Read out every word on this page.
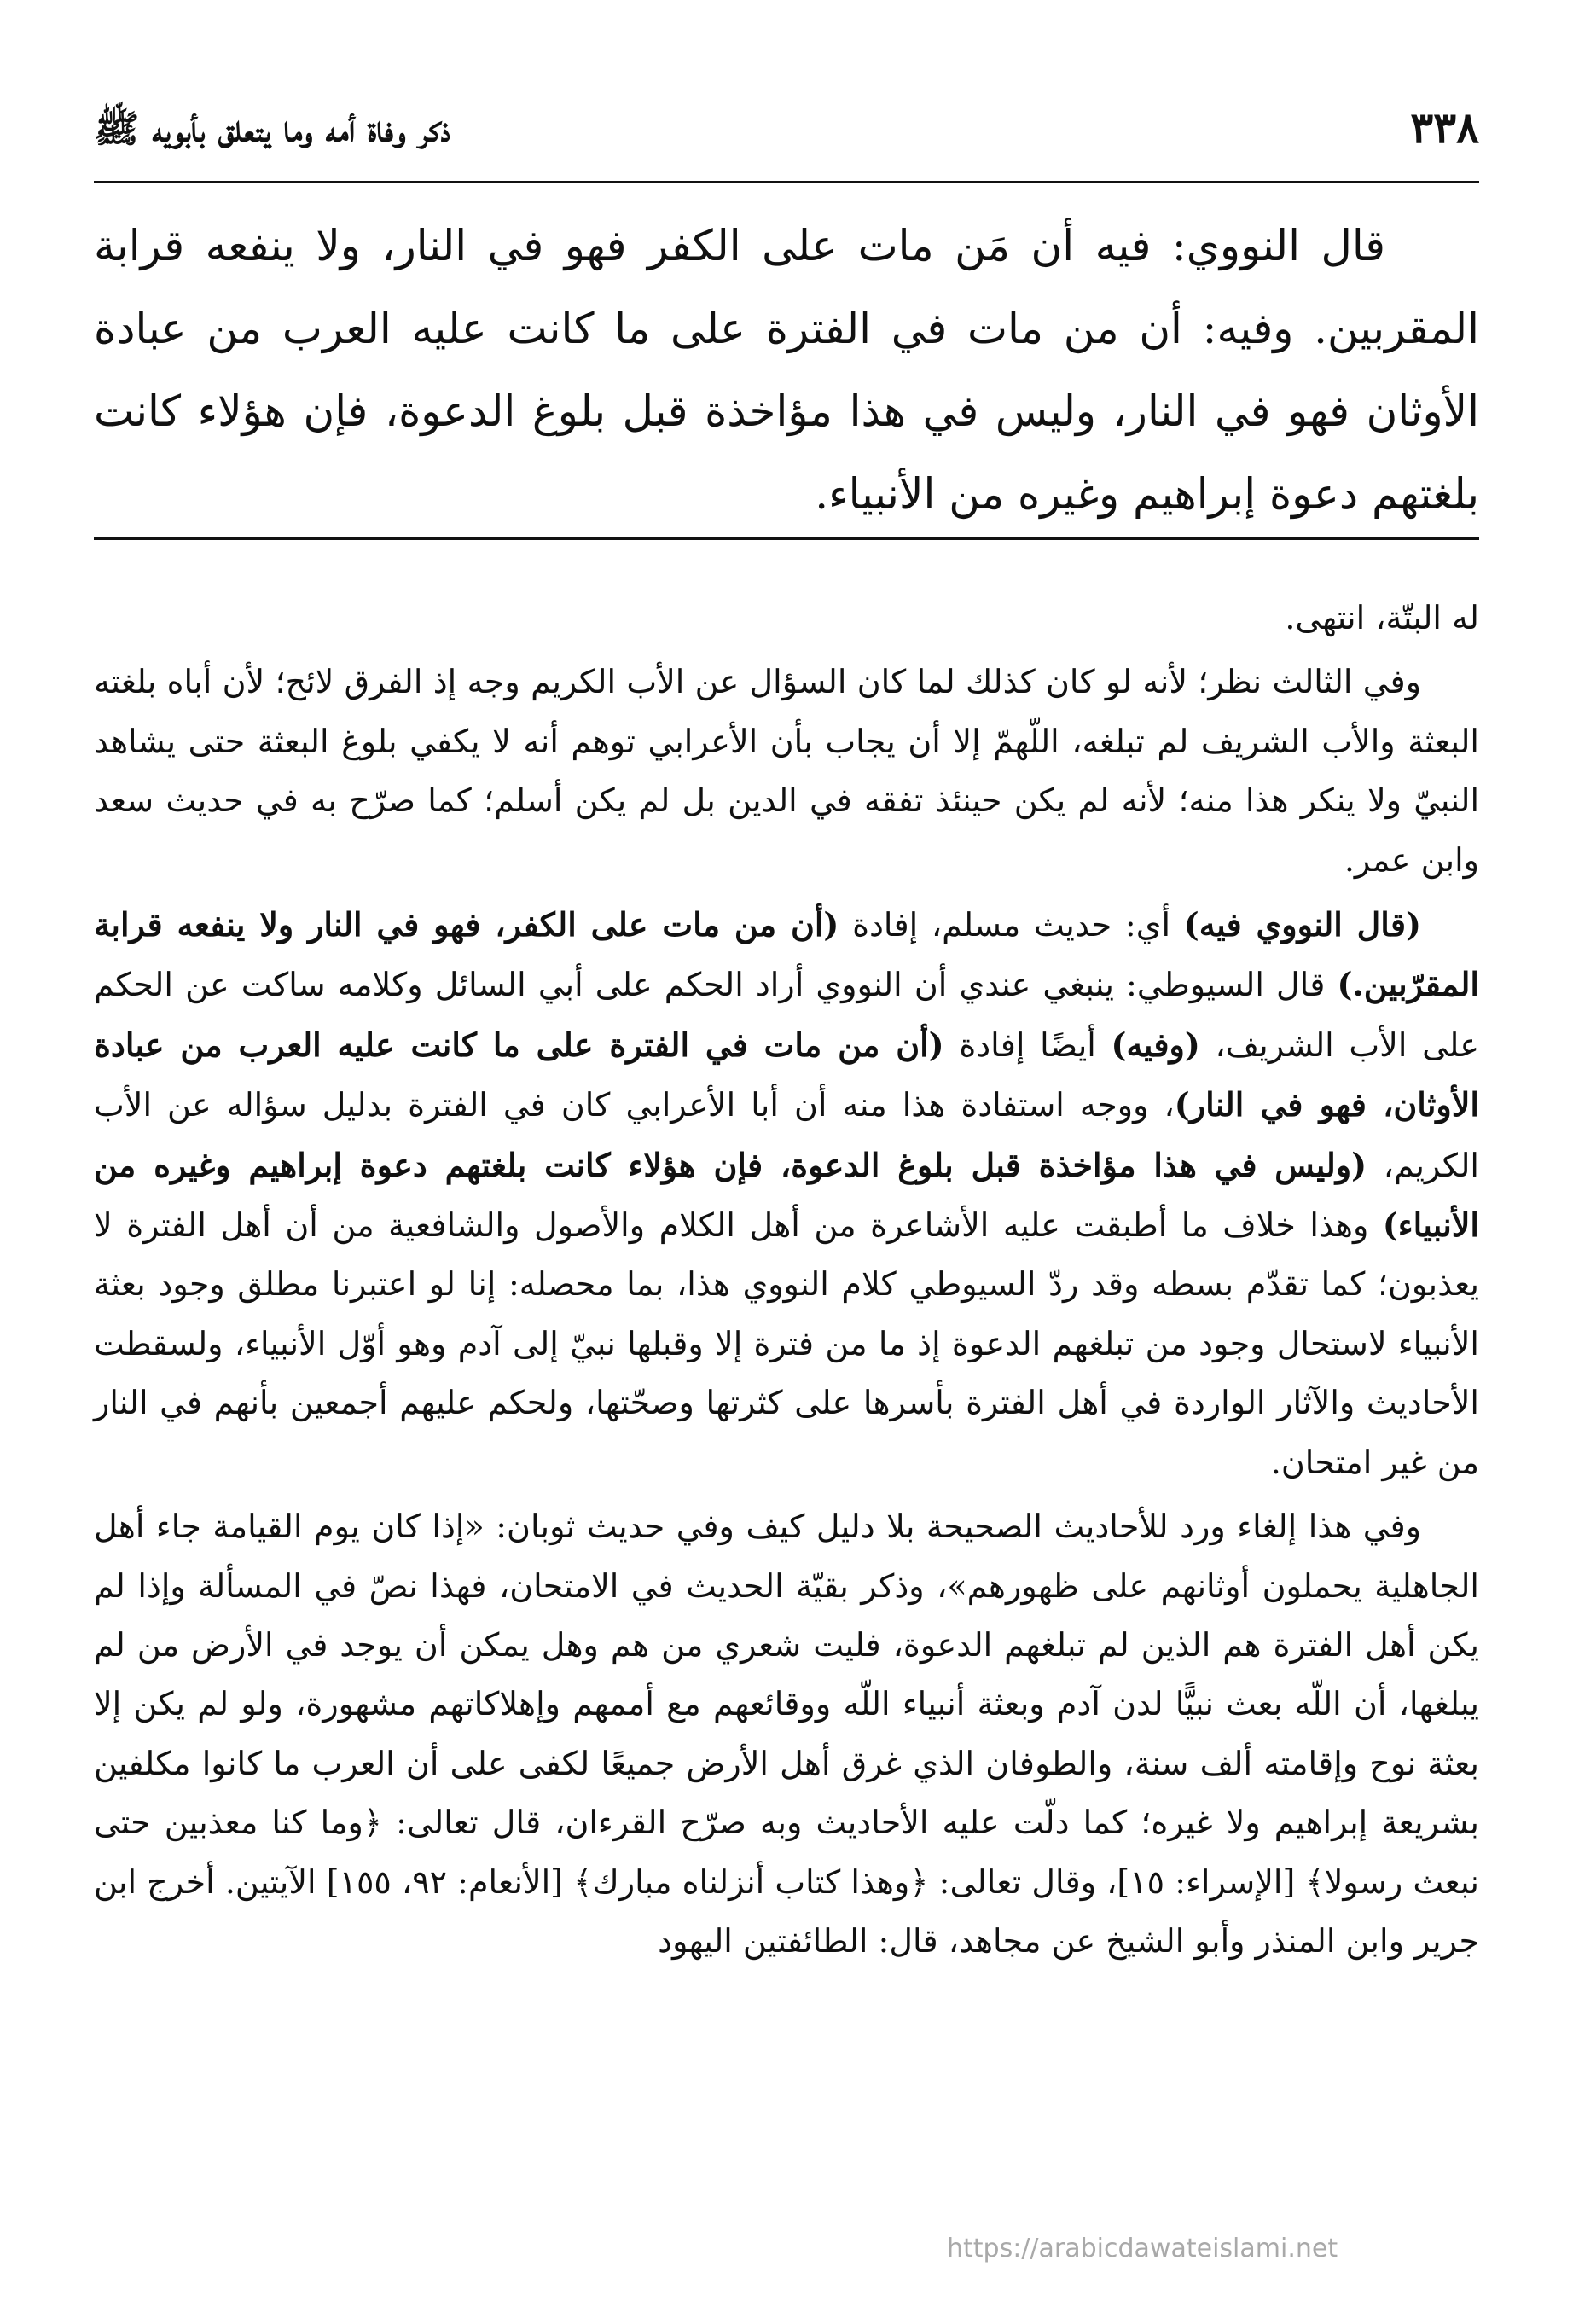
٣٣٨
ذكر وفاة أمه وما يتعلق بأبويه ﷺ

قال النووي: فيه أن مَن مات على الكفر فهو في النار، ولا ينفعه قرابة المقربين. وفيه: أن من مات في الفترة على ما كانت عليه العرب من عبادة الأوثان فهو في النار، وليس في هذا مؤاخذة قبل بلوغ الدعوة، فإن هؤلاء كانت بلغتهم دعوة إبراهيم وغيره من الأنبياء.

له البتّة، انتهى.

وفي الثالث نظر؛ لأنه لو كان كذلك لما كان السؤال عن الأب الكريم وجه إذ الفرق لائح؛ لأن أباه بلغته البعثة والأب الشريف لم تبلغه، اللّهمّ إلا أن يجاب بأن الأعرابي توهم أنه لا يكفي بلوغ البعثة حتى يشاهد النبيّ ولا ينكر هذا منه؛ لأنه لم يكن حينئذ تفقه في الدين بل لم يكن أسلم؛ كما صرّح به في حديث سعد وابن عمر.

(قال النووي فيه) أي: حديث مسلم، إفادة (أن من مات على الكفر، فهو في النار ولا ينفعه قرابة المقرّبين.) قال السيوطي: ينبغي عندي أن النووي أراد الحكم على أبي السائل وكلامه ساكت عن الحكم على الأب الشريف، (وفيه) أيضًا إفادة (أن من مات في الفترة على ما كانت عليه العرب من عبادة الأوثان، فهو في النار)، ووجه استفادة هذا منه أن أبا الأعرابي كان في الفترة بدليل سؤاله عن الأب الكريم، (وليس في هذا مؤاخذة قبل بلوغ الدعوة، فإن هؤلاء كانت بلغتهم دعوة إبراهيم وغيره من الأنبياء) وهذا خلاف ما أطبقت عليه الأشاعرة من أهل الكلام والأصول والشافعية من أن أهل الفترة لا يعذبون؛ كما تقدّم بسطه وقد ردّ السيوطي كلام النووي هذا، بما محصله: إنا لو اعتبرنا مطلق وجود بعثة الأنبياء لاستحال وجود من تبلغهم الدعوة إذ ما من فترة إلا وقبلها نبيّ إلى آدم وهو أوّل الأنبياء، ولسقطت الأحاديث والآثار الواردة في أهل الفترة بأسرها على كثرتها وصحّتها، ولحكم عليهم أجمعين بأنهم في النار من غير امتحان.

وفي هذا إلغاء ورد للأحاديث الصحيحة بلا دليل كيف وفي حديث ثوبان: «إذا كان يوم القيامة جاء أهل الجاهلية يحملون أوثانهم على ظهورهم»، وذكر بقيّة الحديث في الامتحان، فهذا نصّ في المسألة وإذا لم يكن أهل الفترة هم الذين لم تبلغهم الدعوة، فليت شعري من هم وهل يمكن أن يوجد في الأرض من لم يبلغها، أن اللّه بعث نبيًّا لدن آدم وبعثة أنبياء اللّه ووقائعهم مع أممهم وإهلاكاتهم مشهورة، ولو لم يكن إلا بعثة نوح وإقامته ألف سنة، والطوفان الذي غرق أهل الأرض جميعًا لكفى على أن العرب ما كانوا مكلفين بشريعة إبراهيم ولا غيره؛ كما دلّت عليه الأحاديث وبه صرّح القرءان، قال تعالى: ﴿وما كنا معذبين حتى نبعث رسولا﴾ [الإسراء: ١٥]، وقال تعالى: ﴿وهذا كتاب أنزلناه مبارك﴾ [الأنعام: ٩٢، ١٥٥] الآيتين. أخرج ابن جرير وابن المنذر وأبو الشيخ عن مجاهد، قال: الطائفتين اليهود

https://arabicdawateislami.net
